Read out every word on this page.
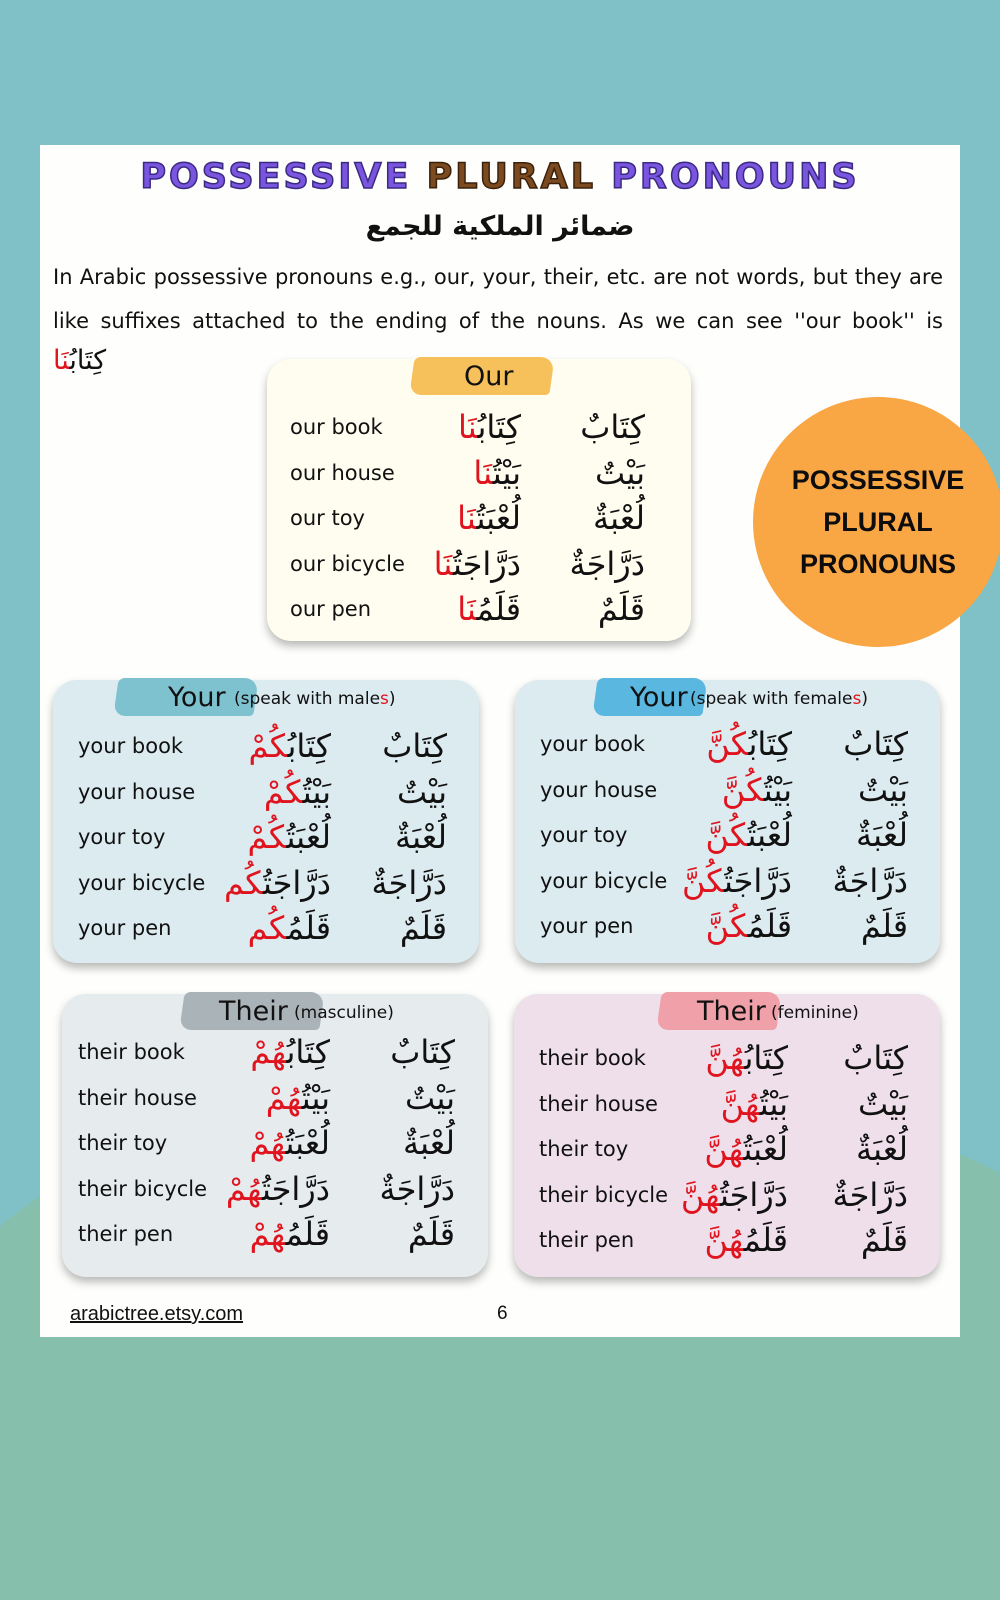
POSSESSIVE PLURAL PRONOUNS
ضمائر الملكية للجمع
In Arabic possessive pronouns e.g., our, your, their, etc. are not words, but they are like suffixes attached to the ending of the nouns. As we can see ''our book'' is
كِتَابُنَا
POSSESSIVE
PLURAL
PRONOUNS
Our
our book	كِتَابُنَا	كِتَابٌ
our house	بَيْتُنَا	بَيْتٌ
our toy	لُعْبَتُنَا	لُعْبَةٌ
our bicycle	دَرَّاجَتُنَا	دَرَّاجَةٌ
our pen	قَلَمُنَا	قَلَمٌ
Your (speak with males)
your book	كِتَابُكُمْ	كِتَابٌ
your house	بَيْتُكُمْ	بَيْتٌ
your toy	لُعْبَتُكُمْ	لُعْبَةٌ
your bicycle	دَرَّاجَتُكُم	دَرَّاجَةٌ
your pen	قَلَمُكُم	قَلَمٌ
Your (speak with females)
your book	كِتَابُكُنَّ	كِتَابٌ
your house	بَيْتُكُنَّ	بَيْتٌ
your toy	لُعْبَتُكُنَّ	لُعْبَةٌ
your bicycle	دَرَّاجَتُكُنَّ	دَرَّاجَةٌ
your pen	قَلَمُكُنَّ	قَلَمٌ
Their (masculine)
their book	كِتَابُهُمْ	كِتَابٌ
their house	بَيْتُهُمْ	بَيْتٌ
their toy	لُعْبَتُهُمْ	لُعْبَةٌ
their bicycle	دَرَّاجَتُهُمْ	دَرَّاجَةٌ
their pen	قَلَمُهُمْ	قَلَمٌ
Their (feminine)
their book	كِتَابُهُنَّ	كِتَابٌ
their house	بَيْتُهُنَّ	بَيْتٌ
their toy	لُعْبَتُهُنَّ	لُعْبَةٌ
their bicycle	دَرَّاجَتُهُنَّ	دَرَّاجَةٌ
their pen	قَلَمُهُنَّ	قَلَمٌ
arabictree.etsy.com	6
